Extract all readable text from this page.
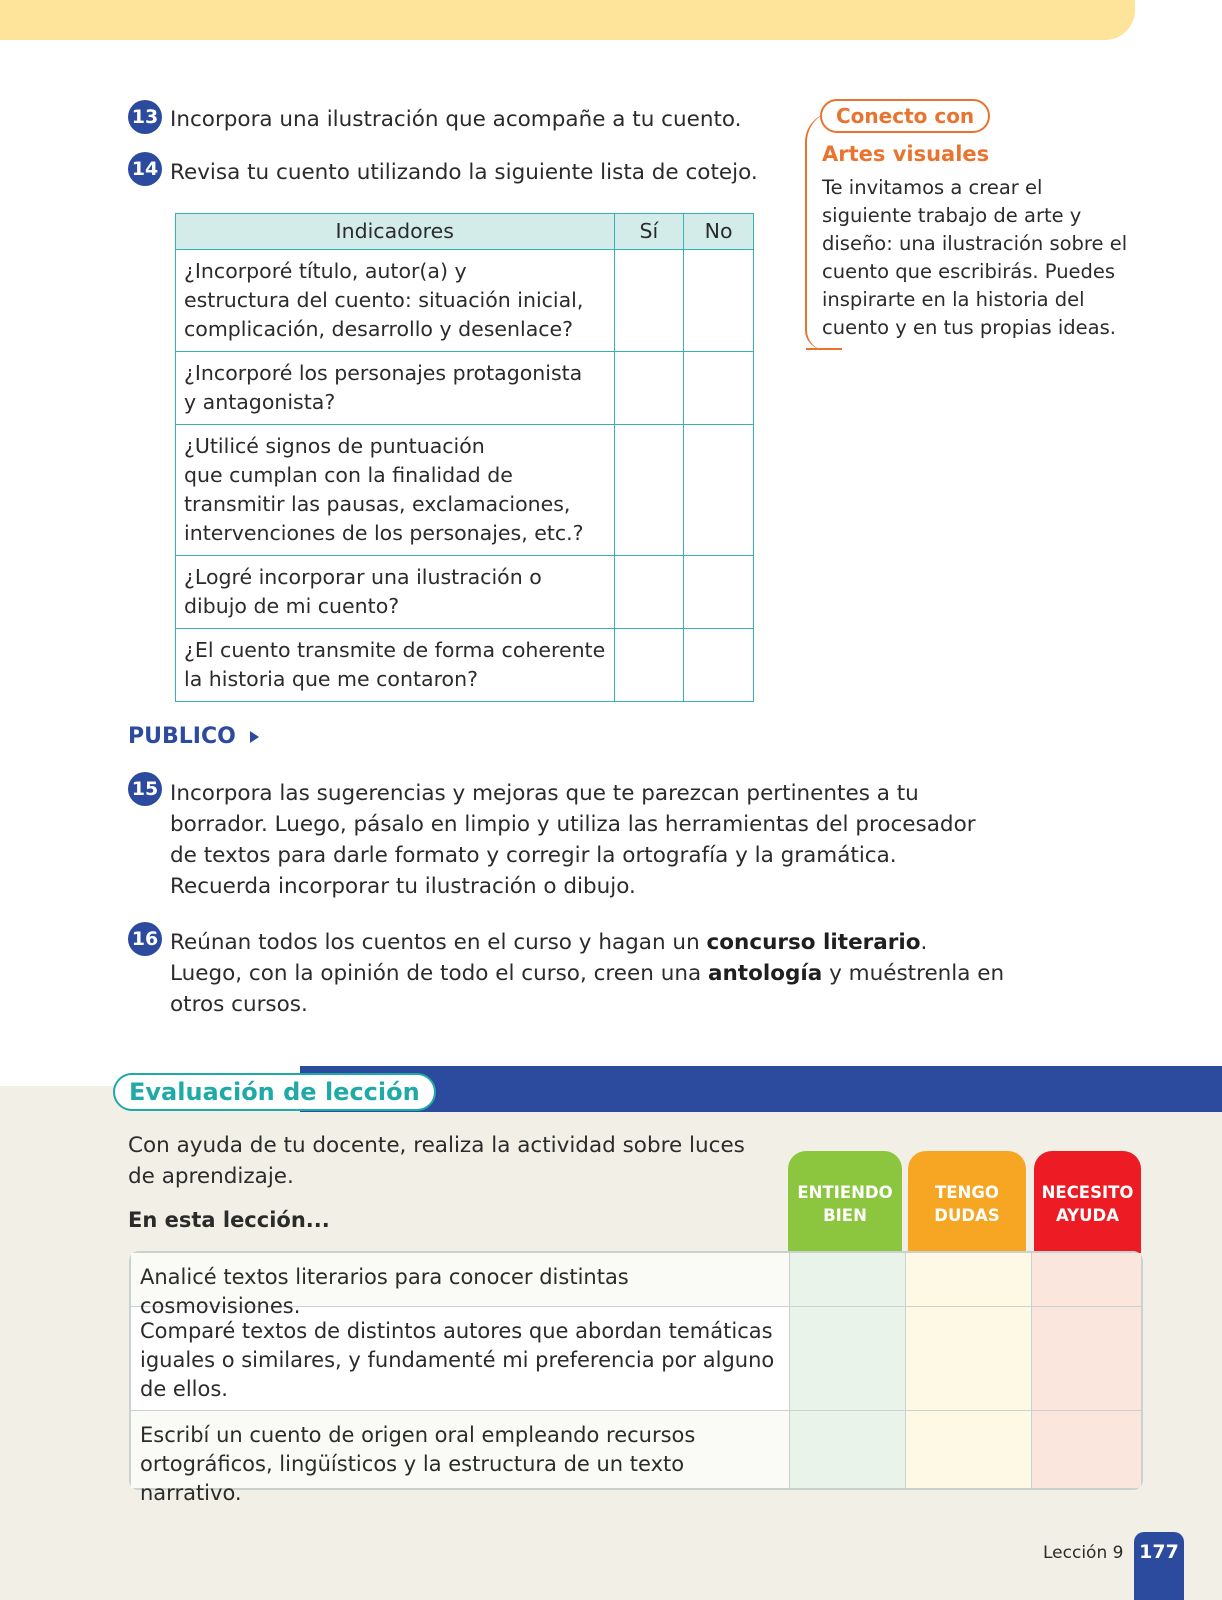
13 Incorpora una ilustración que acompañe a tu cuento.
14 Revisa tu cuento utilizando la siguiente lista de cotejo.
Indicadores	Sí	No

¿Incorporé título, autor(a) y
estructura del cuento: situación inicial,
complicación, desarrollo y desenlace?		

¿Incorporé los personajes protagonista
y antagonista?		

¿Utilicé signos de puntuación
que cumplan con la finalidad de
transmitir las pausas, exclamaciones,
intervenciones de los personajes, etc.?		

¿Logré incorporar una ilustración o
dibujo de mi cuento?		

¿El cuento transmite de forma coherente
la historia que me contaron?		

Conecto con
Artes visuales
Te invitamos a crear el
siguiente trabajo de arte y
diseño: una ilustración sobre el
cuento que escribirás. Puedes
inspirarte en la historia del
cuento y en tus propias ideas.
PUBLICO
15 Incorpora las sugerencias y mejoras que te parezcan pertinentes a tu
borrador. Luego, pásalo en limpio y utiliza las herramientas del procesador
de textos para darle formato y corregir la ortografía y la gramática.
Recuerda incorporar tu ilustración o dibujo.
16 Reúnan todos los cuentos en el curso y hagan un concurso literario.
Luego, con la opinión de todo el curso, creen una antología y muéstrenla en
otros cursos.
Evaluación de lección
Con ayuda de tu docente, realiza la actividad sobre luces
de aprendizaje.
En esta lección...
ENTIENDO
BIEN
TENGO
DUDAS
NECESITO
AYUDA
Analicé textos literarios para conocer distintas cosmovisiones.
Comparé textos de distintos autores que abordan temáticas
iguales o similares, y fundamenté mi preferencia por alguno
de ellos.
Escribí un cuento de origen oral empleando recursos
ortográficos, lingüísticos y la estructura de un texto narrativo.
Lección 9 177
